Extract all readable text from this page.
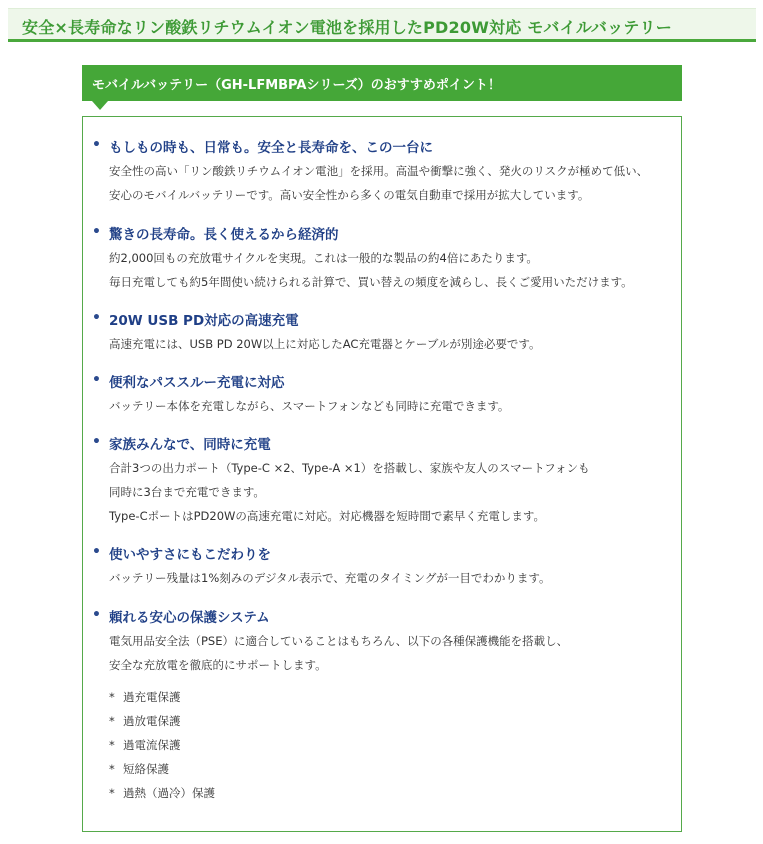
安全×長寿命なリン酸鉄リチウムイオン電池を採用したPD20W対応 モバイルバッテリー
モバイルバッテリー（GH-LFMBPAシリーズ）のおすすめポイント！
• もしもの時も、日常も。安全と長寿命を、この一台に
安全性の高い「リン酸鉄リチウムイオン電池」を採用。高温や衝撃に強く、発火のリスクが極めて低い、
安心のモバイルバッテリーです。高い安全性から多くの電気自動車で採用が拡大しています。
• 驚きの長寿命。長く使えるから経済的
約2,000回もの充放電サイクルを実現。これは一般的な製品の約4倍にあたります。
毎日充電しても約5年間使い続けられる計算で、買い替えの頻度を減らし、長くご愛用いただけます。
• 20W USB PD対応の高速充電
高速充電には、USB PD 20W以上に対応したAC充電器とケーブルが別途必要です。
• 便利なパススルー充電に対応
バッテリー本体を充電しながら、スマートフォンなども同時に充電できます。
• 家族みんなで、同時に充電
合計3つの出力ポート（Type-C ×2、Type-A ×1）を搭載し、家族や友人のスマートフォンも
同時に3台まで充電できます。
Type-CポートはPD20Wの高速充電に対応。対応機器を短時間で素早く充電します。
• 使いやすさにもこだわりを
バッテリー残量は1%刻みのデジタル表示で、充電のタイミングが一目でわかります。
• 頼れる安心の保護システム
電気用品安全法（PSE）に適合していることはもちろん、以下の各種保護機能を搭載し、
安全な充放電を徹底的にサポートします。
* 過充電保護
* 過放電保護
* 過電流保護
* 短絡保護
* 過熱（過冷）保護
